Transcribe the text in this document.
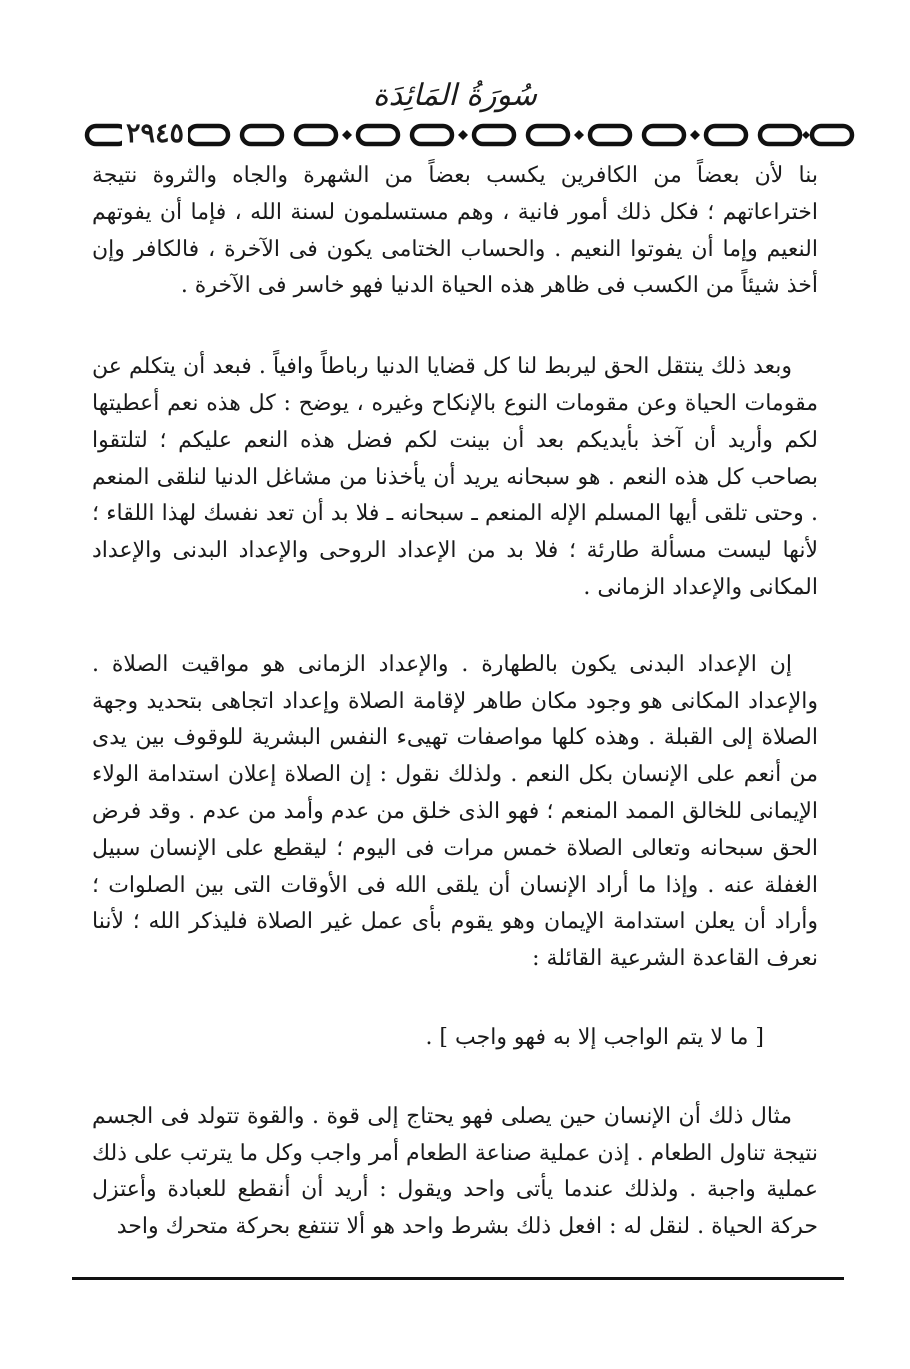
سُورَةُ المَائِدَة
٢٩٤٥

بنا لأن بعضاً من الكافرين يكسب بعضاً من الشهرة والجاه والثروة نتيجة اختراعاتهم ؛ فكل ذلك أمور فانية ، وهم مستسلمون لسنة الله ، فإما أن يفوتهم النعيم وإما أن يفوتوا النعيم . والحساب الختامى يكون فى الآخرة ، فالكافر وإن أخذ شيئاً من الكسب فى ظاهر هذه الحياة الدنيا فهو خاسر فى الآخرة .

وبعد ذلك ينتقل الحق ليربط لنا كل قضايا الدنيا رباطاً وافياً . فبعد أن يتكلم عن مقومات الحياة وعن مقومات النوع بالإنكاح وغيره ، يوضح : كل هذه نعم أعطيتها لكم وأريد أن آخذ بأيديكم بعد أن بينت لكم فضل هذه النعم عليكم ؛ لتلتقوا بصاحب كل هذه النعم . هو سبحانه يريد أن يأخذنا من مشاغل الدنيا لنلقى المنعم . وحتى تلقى أيها المسلم الإله المنعم ـ سبحانه ـ فلا بد أن تعد نفسك لهذا اللقاء ؛ لأنها ليست مسألة طارئة ؛ فلا بد من الإعداد الروحى والإعداد البدنى والإعداد المكانى والإعداد الزمانى .

إن الإعداد البدنى يكون بالطهارة . والإعداد الزمانى هو مواقيت الصلاة . والإعداد المكانى هو وجود مكان طاهر لإقامة الصلاة وإعداد اتجاهى بتحديد وجهة الصلاة إلى القبلة . وهذه كلها مواصفات تهيىء النفس البشرية للوقوف بين يدى من أنعم على الإنسان بكل النعم . ولذلك نقول : إن الصلاة إعلان استدامة الولاء الإيمانى للخالق الممد المنعم ؛ فهو الذى خلق من عدم وأمد من عدم . وقد فرض الحق سبحانه وتعالى الصلاة خمس مرات فى اليوم ؛ ليقطع على الإنسان سبيل الغفلة عنه . وإذا ما أراد الإنسان أن يلقى الله فى الأوقات التى بين الصلوات ؛ وأراد أن يعلن استدامة الإيمان وهو يقوم بأى عمل غير الصلاة فليذكر الله ؛ لأننا نعرف القاعدة الشرعية القائلة :

[ ما لا يتم الواجب إلا به فهو واجب ] .

مثال ذلك أن الإنسان حين يصلى فهو يحتاج إلى قوة . والقوة تتولد فى الجسم نتيجة تناول الطعام . إذن عملية صناعة الطعام أمر واجب وكل ما يترتب على ذلك عملية واجبة . ولذلك عندما يأتى واحد ويقول : أريد أن أنقطع للعبادة وأعتزل حركة الحياة . لنقل له : افعل ذلك بشرط واحد هو ألا تنتفع بحركة متحرك واحد
